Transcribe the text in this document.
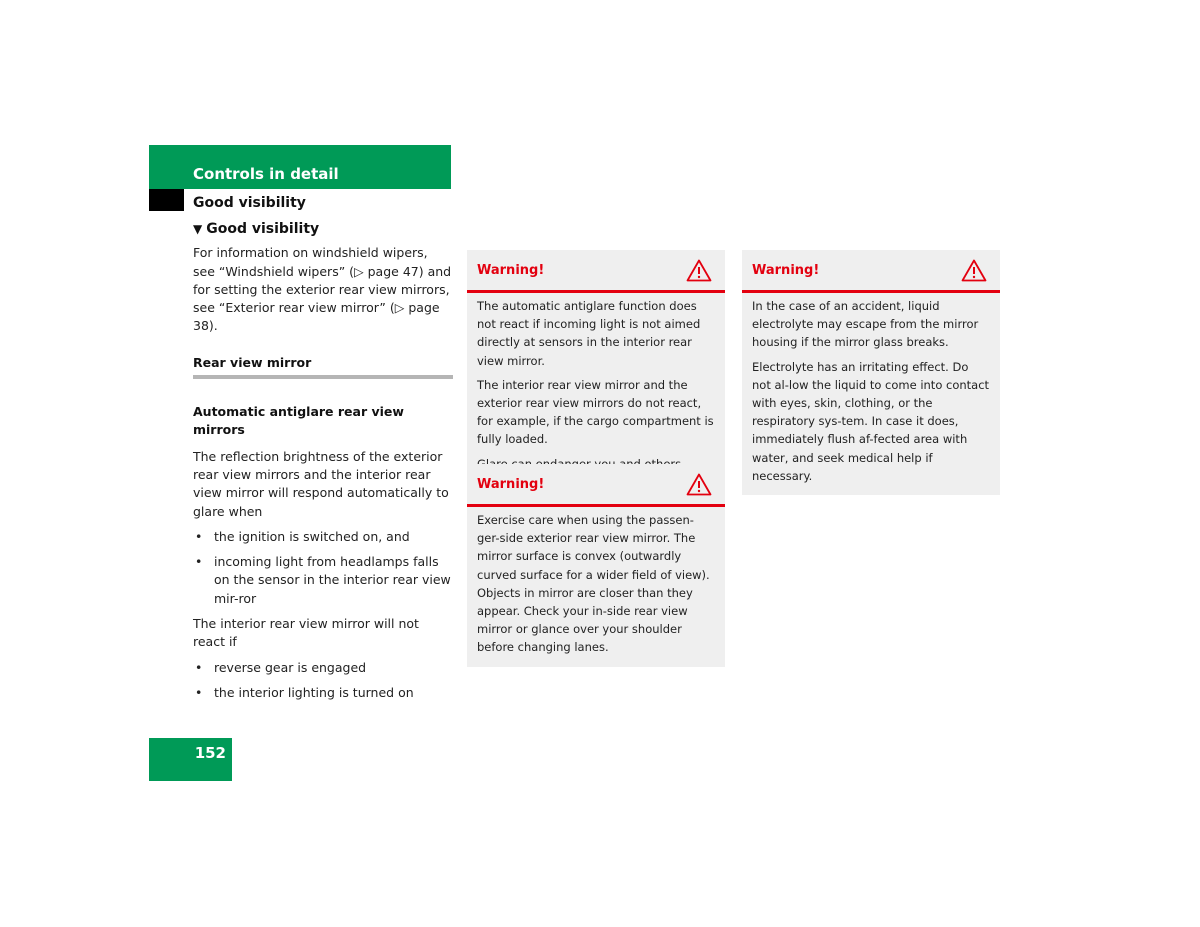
Controls in detail
Good visibility
▼ Good visibility

For information on windshield wipers, see “Windshield wipers” (▷ page 47) and for setting the exterior rear view mirrors, see “Exterior rear view mirror” (▷ page 38).

Rear view mirror
Automatic antiglare rear view mirrors

The reflection brightness of the exterior rear view mirrors and the interior rear view mirror will respond automatically to glare when

• the ignition is switched on, and
• incoming light from headlamps falls on the sensor in the interior rear view mir-ror

The interior rear view mirror will not react if

• reverse gear is engaged
• the interior lighting is turned on
Warning!

The automatic antiglare function does not react if incoming light is not aimed directly at sensors in the interior rear view mirror.

The interior rear view mirror and the exterior rear view mirrors do not react, for example, if the cargo compartment is fully loaded.

Warning!

Exercise care when using the passen-ger-side exterior rear view mirror. The mirror surface is convex (outwardly curved surface for a wider field of view). Objects in mirror are closer than they appear. Check your in-side rear view mirror or glance over your shoulder before changing lanes.

Warning!

In the case of an accident, liquid electrolyte may escape from the mirror housing if the mirror glass breaks.

Electrolyte has an irritating effect. Do not al-low the liquid to come into contact with eyes, skin, clothing, or the respiratory sys-tem. In case it does, immediately flush af-fected area with water, and seek medical help if necessary.

152
